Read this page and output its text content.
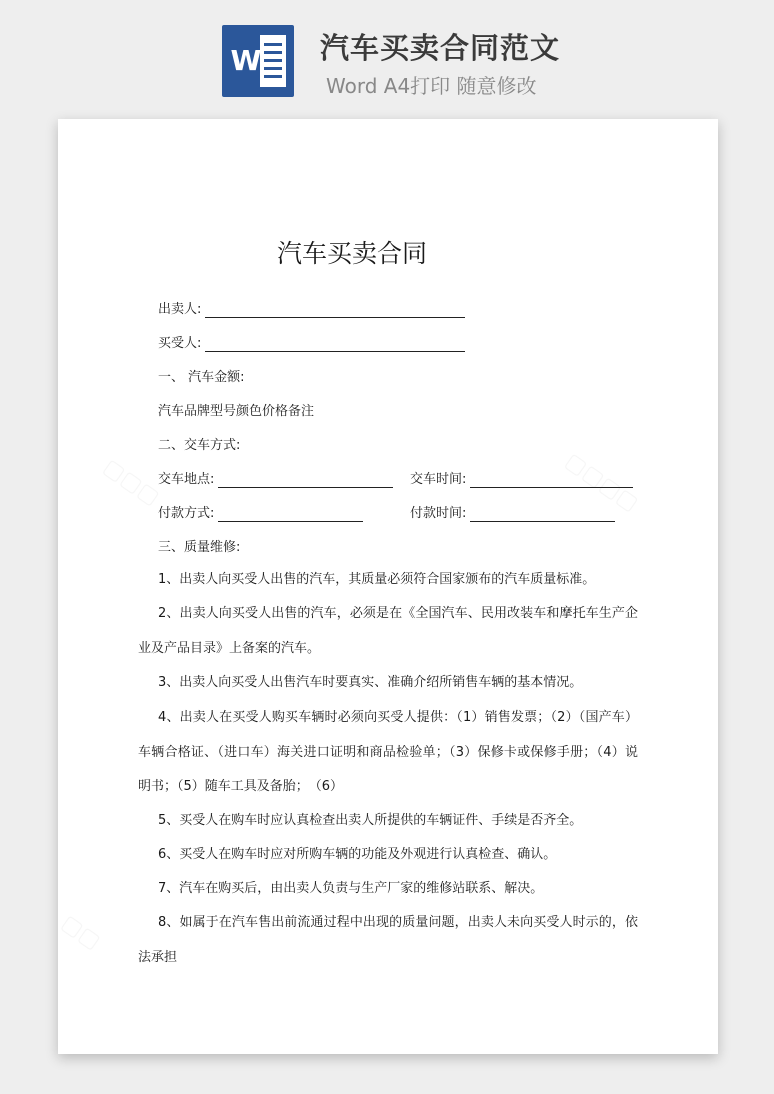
W 汽车买卖合同范文
Word A4打印 随意修改
汽车买卖合同
出卖人:
买受人:
一、 汽车金额:
汽车品牌型号颜色价格备注
二、交车方式:
交车地点:	交车时间:
付款方式:	付款时间:
三、质量维修:
1、出卖人向买受人出售的汽车，其质量必须符合国家颁布的汽车质量标准。
2、出卖人向买受人出售的汽车，必须是在《全国汽车、民用改装车和摩托车生产企业及产品目录》上备案的汽车。
3、出卖人向买受人出售汽车时要真实、准确介绍所销售车辆的基本情况。
4、出卖人在买受人购买车辆时必须向买受人提供：（1）销售发票；（2）（国产车）车辆合格证、（进口车）海关进口证明和商品检验单；（3）保修卡或保修手册；（4）说明书；（5）随车工具及备胎；　（6）
5、买受人在购车时应认真检查出卖人所提供的车辆证件、手续是否齐全。
6、买受人在购车时应对所购车辆的功能及外观进行认真检查、确认。
7、汽车在购买后，由出卖人负责与生产厂家的维修站联系、解决。
8、如属于在汽车售出前流通过程中出现的质量问题，出卖人未向买受人时示的，依法承担
